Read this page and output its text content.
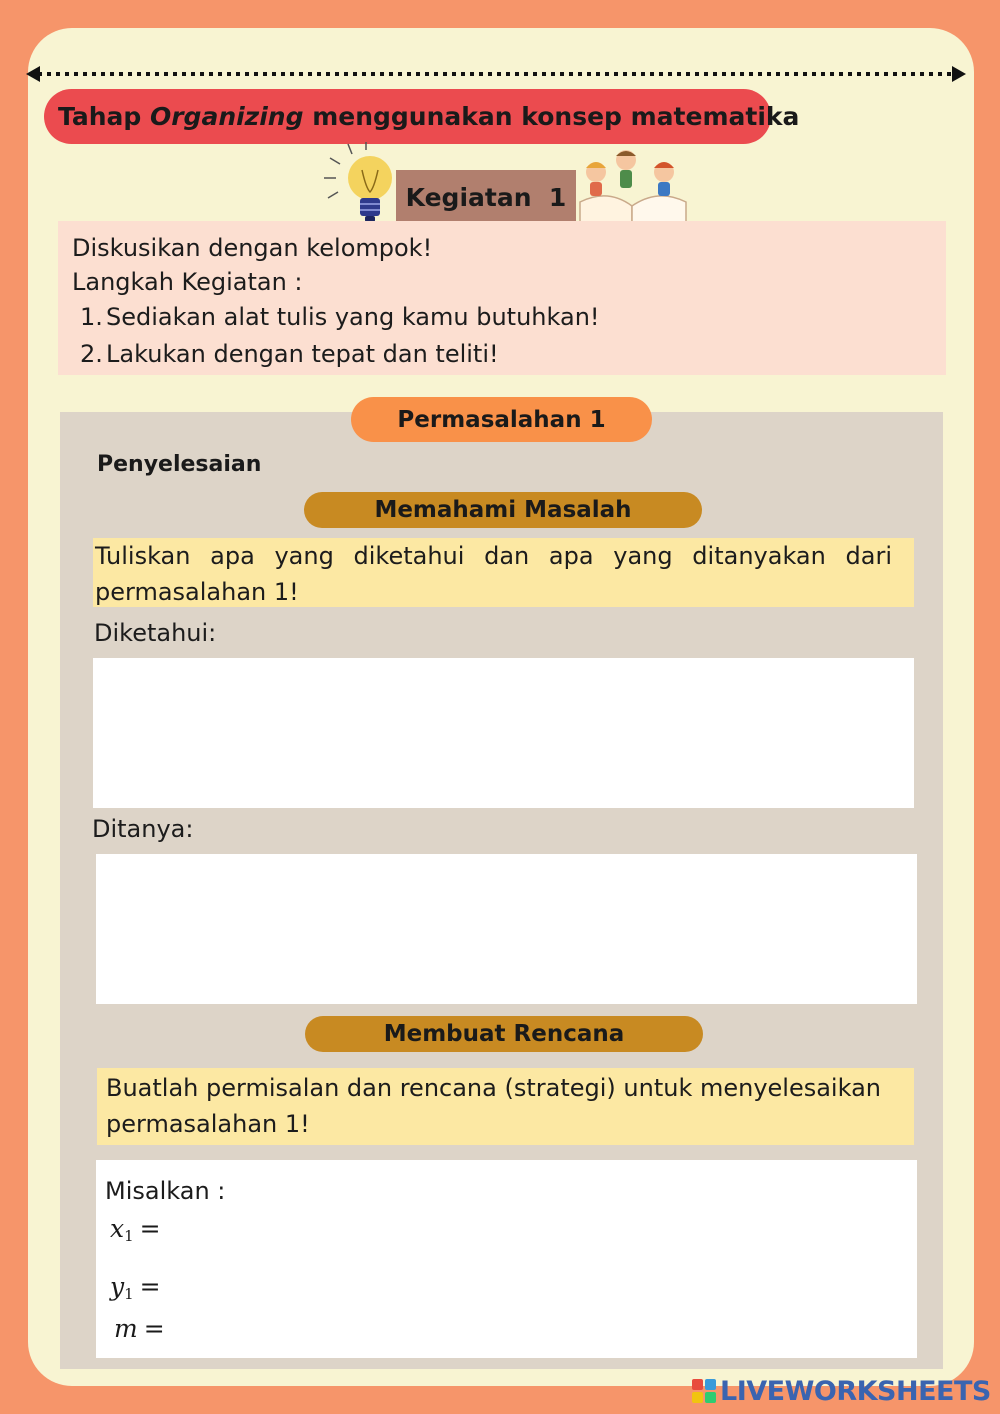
Tahap Organizing menggunakan konsep matematika
Kegiatan  1
Diskusikan dengan kelompok!
Langkah Kegiatan :
1. Sediakan alat tulis yang kamu butuhkan!
2. Lakukan dengan tepat dan teliti!
Permasalahan 1
Penyelesaian
Memahami Masalah
Tuliskan apa yang diketahui dan apa yang ditanyakan dari permasalahan 1!
Diketahui:
Ditanya:
Membuat Rencana
Buatlah permisalan dan rencana (strategi) untuk menyelesaikan
permasalahan 1!
Misalkan :
$x_1$ =
$y_1$ =
m =
LIVEWORKSHEETS
